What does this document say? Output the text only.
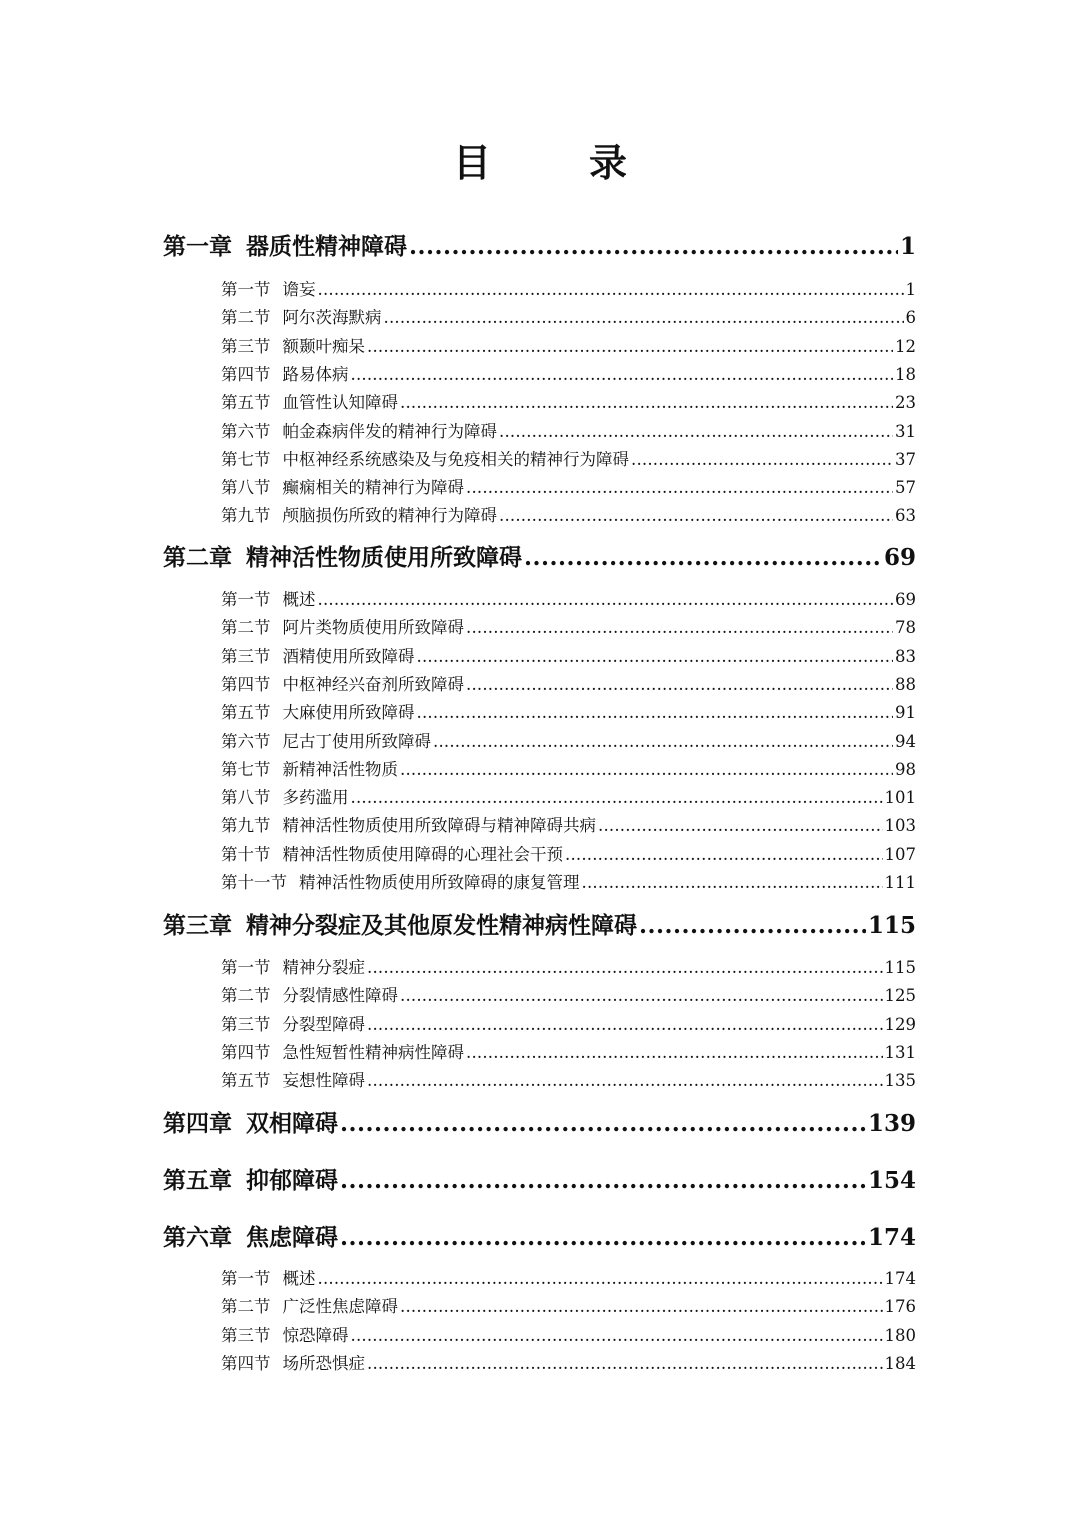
目　录
第一章 器质性精神障碍 .....	1
第一节 谵妄 .....	1
第二节 阿尔茨海默病 .....	6
第三节 额颞叶痴呆 .....	12
第四节 路易体病 .....	18
第五节 血管性认知障碍 .....	23
第六节 帕金森病伴发的精神行为障碍 .....	31
第七节 中枢神经系统感染及与免疫相关的精神行为障碍 .....	37
第八节 癫痫相关的精神行为障碍 .....	57
第九节 颅脑损伤所致的精神行为障碍 .....	63
第二章 精神活性物质使用所致障碍 .....	69
第一节 概述 .....	69
第二节 阿片类物质使用所致障碍 .....	78
第三节 酒精使用所致障碍 .....	83
第四节 中枢神经兴奋剂所致障碍 .....	88
第五节 大麻使用所致障碍 .....	91
第六节 尼古丁使用所致障碍 .....	94
第七节 新精神活性物质 .....	98
第八节 多药滥用 .....	101
第九节 精神活性物质使用所致障碍与精神障碍共病 .....	103
第十节 精神活性物质使用障碍的心理社会干预 .....	107
第十一节 精神活性物质使用所致障碍的康复管理 .....	111
第三章 精神分裂症及其他原发性精神病性障碍 .....	115
第一节 精神分裂症 .....	115
第二节 分裂情感性障碍 .....	125
第三节 分裂型障碍 .....	129
第四节 急性短暂性精神病性障碍 .....	131
第五节 妄想性障碍 .....	135
第四章 双相障碍 .....	139
第五章 抑郁障碍 .....	154
第六章 焦虑障碍 .....	174
第一节 概述 .....	174
第二节 广泛性焦虑障碍 .....	176
第三节 惊恐障碍 .....	180
第四节 场所恐惧症 .....	184
